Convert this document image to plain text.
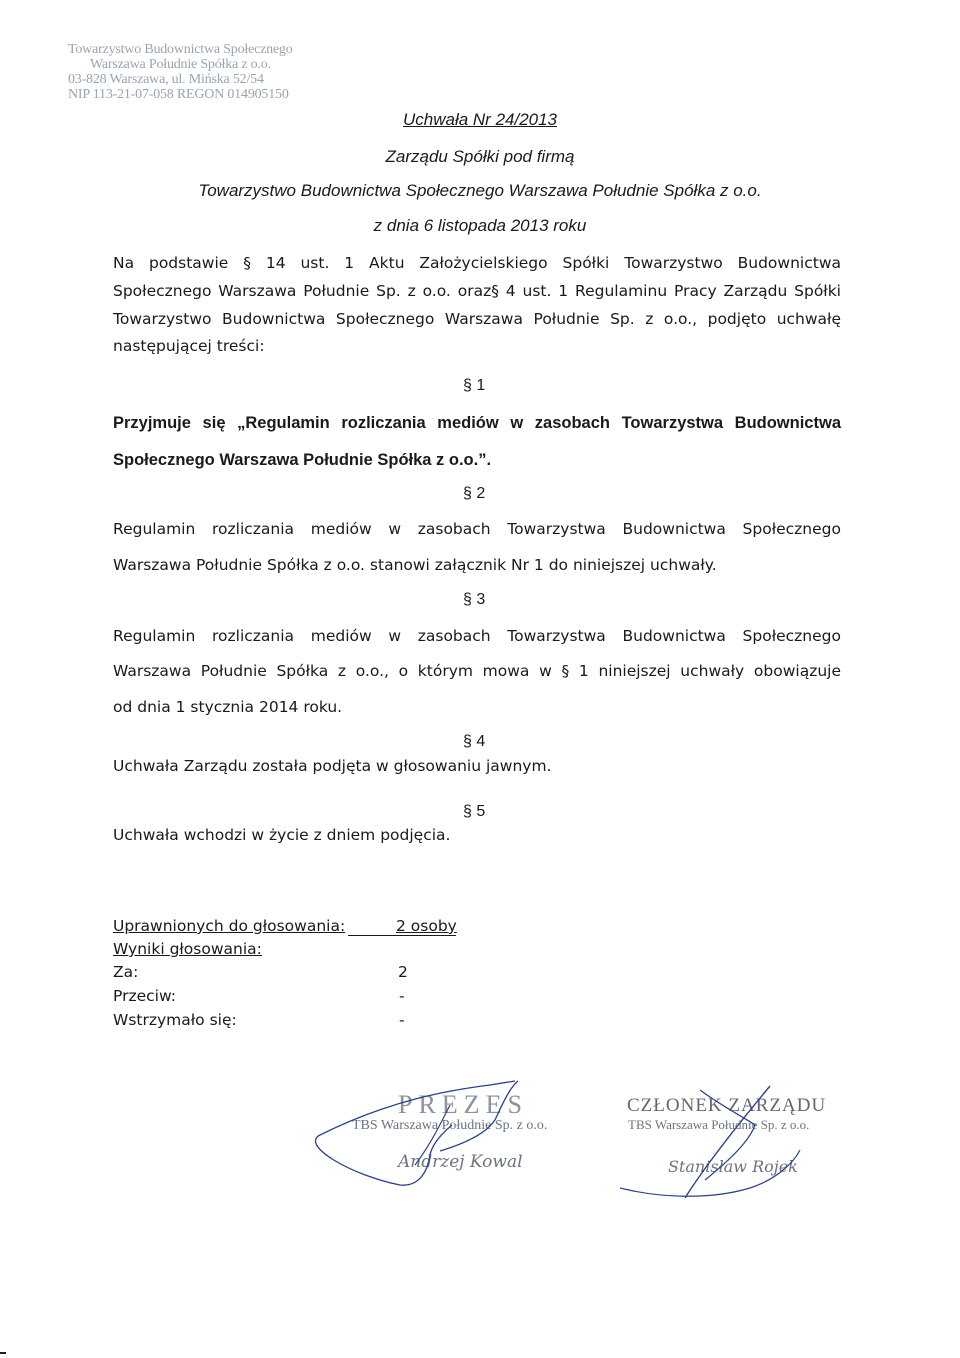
Towarzystwo Budownictwa Społecznego
Warszawa Południe Spółka z o.o.
03-828 Warszawa, ul. Mińska 52/54
NIP 113-21-07-058 REGON 014905150
Uchwała Nr 24/2013
Zarządu Spółki pod firmą
Towarzystwo Budownictwa Społecznego Warszawa Południe Spółka z o.o.
z dnia 6 listopada 2013 roku
Na podstawie § 14 ust. 1 Aktu Założycielskiego Spółki Towarzystwo Budownictwa
Społecznego Warszawa Południe Sp. z o.o. oraz§ 4 ust. 1 Regulaminu Pracy Zarządu Spółki
Towarzystwo Budownictwa Społecznego Warszawa Południe Sp. z o.o., podjęto uchwałę
następującej treści:
§ 1
Przyjmuje się „Regulamin rozliczania mediów w zasobach Towarzystwa Budownictwa
Społecznego Warszawa Południe Spółka z o.o.”.
§ 2
Regulamin rozliczania mediów w zasobach Towarzystwa Budownictwa Społecznego
Warszawa Południe Spółka z o.o. stanowi załącznik Nr 1 do niniejszej uchwały.
§ 3
Regulamin rozliczania mediów w zasobach Towarzystwa Budownictwa Społecznego
Warszawa Południe Spółka z o.o., o którym mowa w § 1 niniejszej uchwały obowiązuje
od dnia 1 stycznia 2014 roku.
§ 4
Uchwała Zarządu została podjęta w głosowaniu jawnym.
§ 5
Uchwała wchodzi w życie z dniem podjęcia.
Uprawnionych do głosowania:	2 osoby
Wyniki głosowania:
Za:	2
Przeciw:	-
Wstrzymało się:	-
PREZES
TBS Warszawa Południe Sp. z o.o.
Andrzej Kowal
CZŁONEK ZARZĄDU
TBS Warszawa Południe Sp. z o.o.
Stanisław Rojek
